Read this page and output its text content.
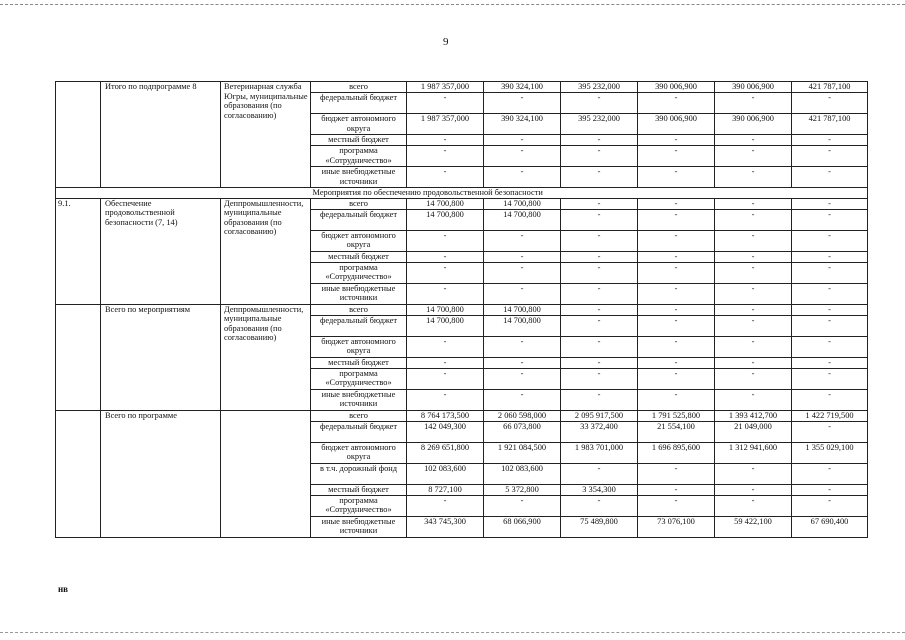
9
	Итого по подпрограмме 8	Ветеринарная служба Югры, муниципальные образования (по согласованию)	всего	1 987 357,000	390 324,100	395 232,000	390 006,900	390 006,900	421 787,100
			федеральный бюджет	-	-	-	-	-	-
			бюджет автономного округа	1 987 357,000	390 324,100	395 232,000	390 006,900	390 006,900	421 787,100
			местный бюджет	-	-	-	-	-	-
			программа «Сотрудничество»	-	-	-	-	-	-
			иные внебюджетные источники	-	-	-	-	-	-
			Мероприятия по обеспечению продовольственной безопасности						
9.1.	Обеспечение продовольственной безопасности (7, 14)	Деппромышленности, муниципальные образования (по согласованию)	всего	14 700,800	14 700,800	-	-	-	-
			федеральный бюджет	14 700,800	14 700,800	-	-	-	-
			бюджет автономного округа	-	-	-	-	-	-
			местный бюджет	-	-	-	-	-	-
			программа «Сотрудничество»	-	-	-	-	-	-
			иные внебюджетные источники	-	-	-	-	-	-
	Всего по мероприятиям	Деппромышленности, муниципальные образования (по согласованию)	всего	14 700,800	14 700,800	-	-	-	-
			федеральный бюджет	14 700,800	14 700,800	-	-	-	-
			бюджет автономного округа	-	-	-	-	-	-
			местный бюджет	-	-	-	-	-	-
			программа «Сотрудничество»	-	-	-	-	-	-
			иные внебюджетные источники	-	-	-	-	-	-
	Всего по программе		всего	8 764 173,500	2 060 598,000	2 095 917,500	1 791 525,800	1 393 412,700	1 422 719,500
			федеральный бюджет	142 049,300	66 073,800	33 372,400	21 554,100	21 049,000	-
			бюджет автономного округа	8 269 651,800	1 921 084,500	1 983 701,000	1 696 895,600	1 312 941,600	1 355 029,100
			в т.ч. дорожный фонд	102 083,600	102 083,600	-	-	-	-
			местный бюджет	8 727,100	5 372,800	3 354,300	-	-	-
			программа «Сотрудничество»	-	-	-	-	-	-
			иные внебюджетные источники	343 745,300	68 066,900	75 489,800	73 076,100	59 422,100	67 690,400
нв
